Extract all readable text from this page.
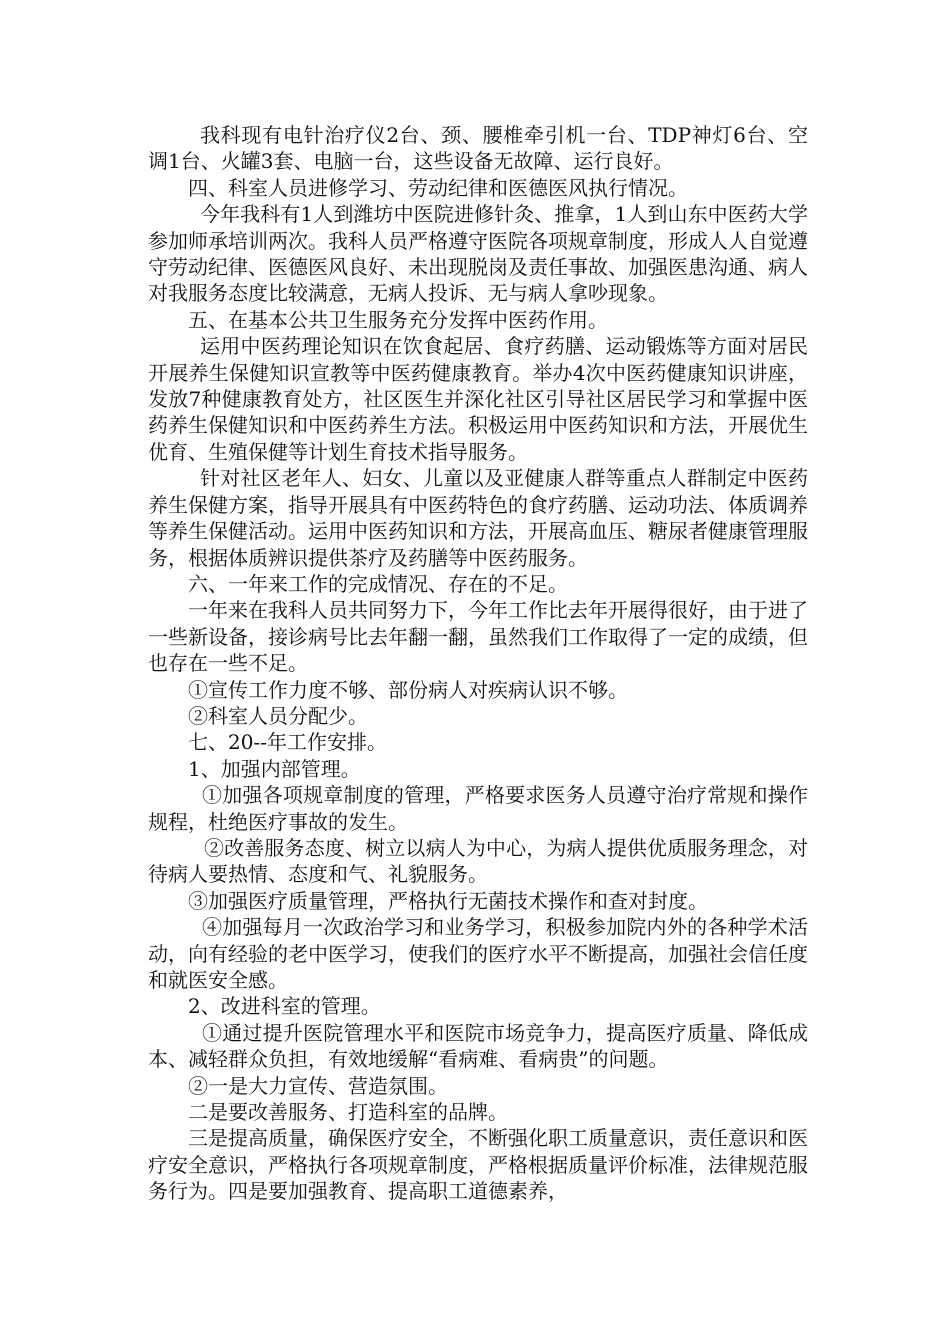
我科现有电针治疗仪2台、颈、腰椎牵引机一台、TDP神灯6台、空调1台、火罐3套、电脑一台，这些设备无故障、运行良好。

四、科室人员进修学习、劳动纪律和医德医风执行情况。

今年我科有1人到潍坊中医院进修针灸、推拿，1人到山东中医药大学参加师承培训两次。我科人员严格遵守医院各项规章制度，形成人人自觉遵守劳动纪律、医德医风良好、未出现脱岗及责任事故、加强医患沟通、病人对我服务态度比较满意，无病人投诉、无与病人拿吵现象。

五、在基本公共卫生服务充分发挥中医药作用。

运用中医药理论知识在饮食起居、食疗药膳、运动锻炼等方面对居民开展养生保健知识宣教等中医药健康教育。举办4次中医药健康知识讲座，发放7种健康教育处方，社区医生并深化社区引导社区居民学习和掌握中医药养生保健知识和中医药养生方法。积极运用中医药知识和方法，开展优生优育、生殖保健等计划生育技术指导服务。

针对社区老年人、妇女、儿童以及亚健康人群等重点人群制定中医药养生保健方案，指导开展具有中医药特色的食疗药膳、运动功法、体质调养等养生保健活动。运用中医药知识和方法，开展高血压、糖尿者健康管理服务，根据体质辨识提供茶疗及药膳等中医药服务。

六、一年来工作的完成情况、存在的不足。

一年来在我科人员共同努力下，今年工作比去年开展得很好，由于进了一些新设备，接诊病号比去年翻一翻，虽然我们工作取得了一定的成绩，但也存在一些不足。

①宣传工作力度不够、部份病人对疾病认识不够。

②科室人员分配少。

七、20--年工作安排。

1、加强内部管理。

①加强各项规章制度的管理，严格要求医务人员遵守治疗常规和操作规程，杜绝医疗事故的发生。

②改善服务态度、树立以病人为中心，为病人提供优质服务理念，对待病人要热情、态度和气、礼貌服务。

③加强医疗质量管理，严格执行无菌技术操作和查对封度。

④加强每月一次政治学习和业务学习，积极参加院内外的各种学术活动，向有经验的老中医学习，使我们的医疗水平不断提高，加强社会信任度和就医安全感。

2、改进科室的管理。

①通过提升医院管理水平和医院市场竞争力，提高医疗质量、降低成本、减轻群众负担，有效地缓解“看病难、看病贵”的问题。

②一是大力宣传、营造氛围。

二是要改善服务、打造科室的品牌。

三是提高质量，确保医疗安全，不断强化职工质量意识，责任意识和医疗安全意识，严格执行各项规章制度，严格根据质量评价标准，法律规范服务行为。四是要加强教育、提高职工道德素养，
